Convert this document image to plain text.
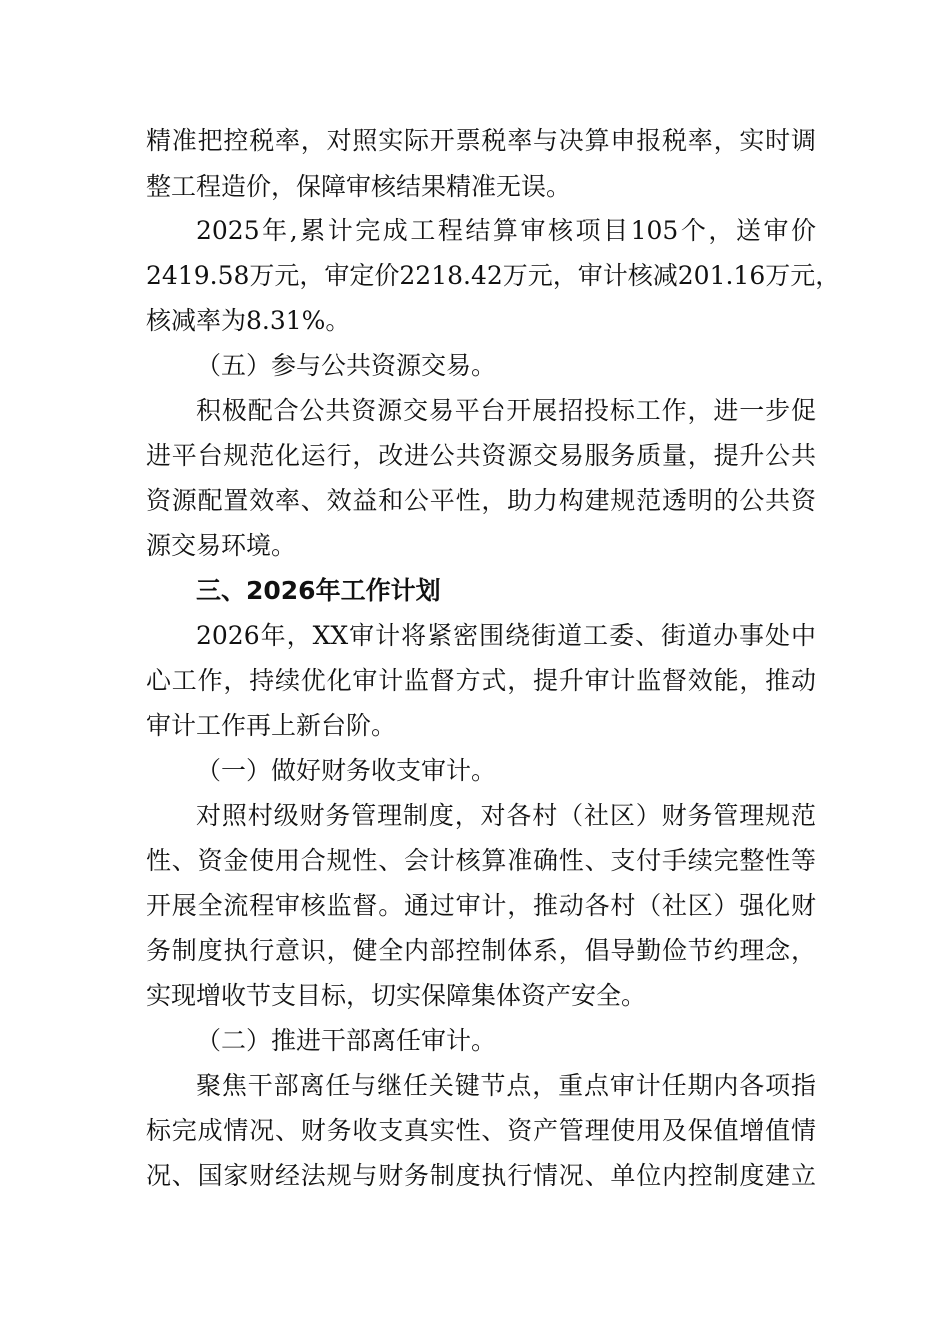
精准把控税率，对照实际开票税率与决算申报税率，实时调
整工程造价，保障审核结果精准无误。
2025年,累计完成工程结算审核项目105个，送审价
2419.58万元，审定价2218.42万元，审计核减201.16万元，
核减率为8.31%。
（五）参与公共资源交易。
积极配合公共资源交易平台开展招投标工作，进一步促
进平台规范化运行，改进公共资源交易服务质量，提升公共
资源配置效率、效益和公平性，助力构建规范透明的公共资
源交易环境。
三、2026年工作计划
2026年，XX审计将紧密围绕街道工委、街道办事处中
心工作，持续优化审计监督方式，提升审计监督效能，推动
审计工作再上新台阶。
（一）做好财务收支审计。
对照村级财务管理制度，对各村（社区）财务管理规范
性、资金使用合规性、会计核算准确性、支付手续完整性等
开展全流程审核监督。通过审计，推动各村（社区）强化财
务制度执行意识，健全内部控制体系，倡导勤俭节约理念，
实现增收节支目标，切实保障集体资产安全。
（二）推进干部离任审计。
聚焦干部离任与继任关键节点，重点审计任期内各项指
标完成情况、财务收支真实性、资产管理使用及保值增值情
况、国家财经法规与财务制度执行情况、单位内控制度建立
